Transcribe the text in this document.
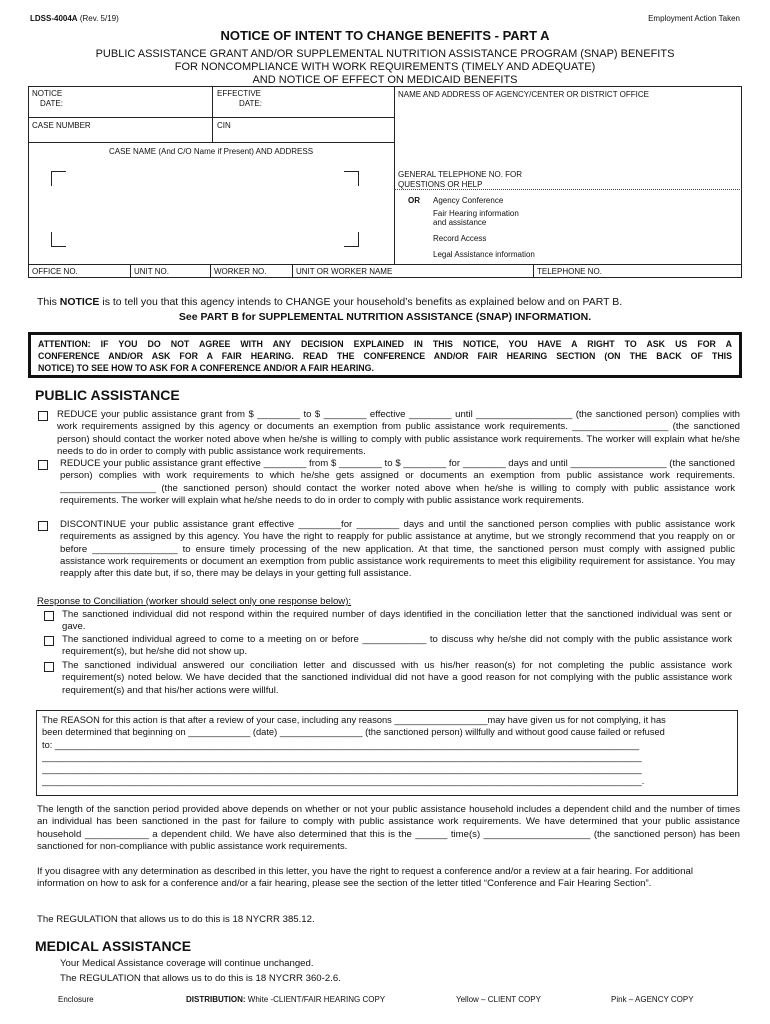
LDSS-4004A (Rev. 5/19)	Employment Action Taken
NOTICE OF INTENT TO CHANGE BENEFITS - PART A
PUBLIC ASSISTANCE GRANT AND/OR SUPPLEMENTAL NUTRITION ASSISTANCE PROGRAM (SNAP) BENEFITS
FOR NONCOMPLIANCE WITH WORK REQUIREMENTS (TIMELY AND ADEQUATE)
AND NOTICE OF EFFECT ON MEDICAID BENEFITS
NOTICE
DATE:
EFFECTIVE
DATE:
NAME AND ADDRESS OF AGENCY/CENTER OR DISTRICT OFFICE
CASE NUMBER	CIN
CASE NAME (And C/O Name if Present) AND ADDRESS
GENERAL TELEPHONE NO. FOR
QUESTIONS OR HELP
OR Agency Conference
Fair Hearing information
and assistance
Record Access
Legal Assistance information
OFFICE NO.	UNIT NO.	WORKER NO.	UNIT OR WORKER NAME	TELEPHONE NO.
This NOTICE is to tell you that this agency intends to CHANGE your household’s benefits as explained below and on PART B.
See PART B for SUPPLEMENTAL NUTRITION ASSISTANCE (SNAP) INFORMATION.
ATTENTION: IF YOU DO NOT AGREE WITH ANY DECISION EXPLAINED IN THIS NOTICE, YOU HAVE A RIGHT TO ASK US FOR A
CONFERENCE AND/OR ASK FOR A FAIR HEARING. READ THE CONFERENCE AND/OR FAIR HEARING SECTION (ON THE BACK OF THIS
NOTICE) TO SEE HOW TO ASK FOR A CONFERENCE AND/OR A FAIR HEARING.
PUBLIC ASSISTANCE
REDUCE your public assistance grant from $ ________ to $ ________ effective ________ until __________________ (the sanctioned person) complies with work requirements assigned by this agency or documents an exemption from public assistance work requirements. __________________ (the sanctioned person) should contact the worker noted above when he/she is willing to comply with public assistance work requirements. The worker will explain what he/she needs to do in order to comply with public assistance work requirements.
REDUCE your public assistance grant effective ________ from $ ________ to $ ________ for ________ days and until __________________ (the sanctioned person) complies with work requirements to which he/she gets assigned or documents an exemption from public assistance work requirements. __________________ (the sanctioned person) should contact the worker noted above when he/she is willing to comply with public assistance work requirements. The worker will explain what he/she needs to do in order to comply with public assistance work requirements.
DISCONTINUE your public assistance grant effective ________for ________ days and until the sanctioned person complies with public assistance work requirements as assigned by this agency. You have the right to reapply for public assistance at anytime, but we strongly recommend that you reapply on or before ________________ to ensure timely processing of the new application. At that time, the sanctioned person must comply with assigned public assistance work requirements or document an exemption from public assistance work requirements to meet this eligibility requirement for assistance. You may reapply after this date but, if so, there may be delays in your getting full assistance.
Response to Conciliation (worker should select only one response below):
The sanctioned individual did not respond within the required number of days identified in the conciliation letter that the sanctioned individual was sent or gave.
The sanctioned individual agreed to come to a meeting on or before ____________ to discuss why he/she did not comply with the public assistance work requirement(s), but he/she did not show up.
The sanctioned individual answered our conciliation letter and discussed with us his/her reason(s) for not completing the public assistance work requirement(s) noted below. We have decided that the sanctioned individual did not have a good reason for not complying with the public assistance work requirement(s) and that his/her actions were willful.
The REASON for this action is that after a review of your case, including any reasons __________________may have given us for not complying, it has
been determined that beginning on ____________ (date) ________________ (the sanctioned person) willfully and without good cause failed or refused
to: _________________________________________________________________________________________________________________
____________________________________________________________________________________________________________________
____________________________________________________________________________________________________________________
____________________________________________________________________________________________________________________.
The length of the sanction period provided above depends on whether or not your public assistance household includes a dependent child and the number of times an individual has been sanctioned in the past for failure to comply with public assistance work requirements. We have determined that your public assistance household ____________ a dependent child. We have also determined that this is the ______ time(s) ____________________ (the sanctioned person) has been sanctioned for non-compliance with public assistance work requirements.
If you disagree with any determination as described in this letter, you have the right to request a conference and/or a review at a fair hearing. For additional information on how to ask for a conference and/or a fair hearing, please see the section of the letter titled “Conference and Fair Hearing Section”.
The REGULATION that allows us to do this is 18 NYCRR 385.12.
MEDICAL ASSISTANCE
Your Medical Assistance coverage will continue unchanged.
The REGULATION that allows us to do this is 18 NYCRR 360-2.6.
Enclosure	DISTRIBUTION: White -CLIENT/FAIR HEARING COPY	Yellow – CLIENT COPY	Pink – AGENCY COPY
